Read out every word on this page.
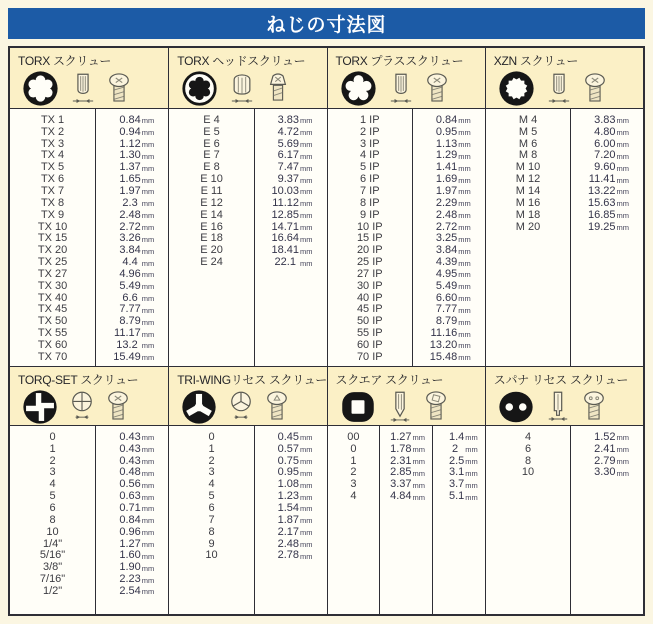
ねじの寸法図
TORX スクリュー
TX 1
TX 2
TX 3
TX 4
TX 5
TX 6
TX 7
TX 8
TX 9
TX 10
TX 15
TX 20
TX 25
TX 27
TX 30
TX 40
TX 45
TX 50
TX 55
TX 60
TX 70
0.84 mm
0.94 mm
1.12 mm
1.30 mm
1.37 mm
1.65 mm
1.97 mm
2.3 mm
2.48 mm
2.72 mm
3.26 mm
3.84 mm
4.4 mm
4.96 mm
5.49 mm
6.6 mm
7.77 mm
8.79 mm
11.17 mm
13.2 mm
15.49 mm
TORX ヘッドスクリュー
E 4
E 5
E 6
E 7
E 8
E 10
E 11
E 12
E 14
E 16
E 18
E 20
E 24
3.83 mm
4.72 mm
5.69 mm
6.17 mm
7.47 mm
9.37 mm
10.03 mm
11.12 mm
12.85 mm
14.71 mm
16.64 mm
18.41 mm
22.1 mm
TORX プラススクリュー
1 IP
2 IP
3 IP
4 IP
5 IP
6 IP
7 IP
8 IP
9 IP
10 IP
15 IP
20 IP
25 IP
27 IP
30 IP
40 IP
45 IP
50 IP
55 IP
60 IP
70 IP
0.84 mm
0.95 mm
1.13 mm
1.29 mm
1.41 mm
1.69 mm
1.97 mm
2.29 mm
2.48 mm
2.72 mm
3.25 mm
3.84 mm
4.39 mm
4.95 mm
5.49 mm
6.60 mm
7.77 mm
8.79 mm
11.16 mm
13.20 mm
15.48 mm
XZN スクリュー
M 4
M 5
M 6
M 8
M 10
M 12
M 14
M 16
M 18
M 20
3.83 mm
4.80 mm
6.00 mm
7.20 mm
9.60 mm
11.41 mm
13.22 mm
15.63 mm
16.85 mm
19.25 mm
TORQ-SET スクリュー
0
1
2
3
4
5
6
8
10
1/4"
5/16"
3/8"
7/16"
1/2"
0.43 mm
0.43 mm
0.43 mm
0.48 mm
0.56 mm
0.63 mm
0.71 mm
0.84 mm
0.96 mm
1.27 mm
1.60 mm
1.90 mm
2.23 mm
2.54 mm
TRI-WINGリセス スクリュー
0
1
2
3
4
5
6
7
8
9
10
0.45 mm
0.57 mm
0.75 mm
0.95 mm
1.08 mm
1.23 mm
1.54 mm
1.87 mm
2.17 mm
2.48 mm
2.78 mm
スクエア スクリュー
00
0
1
2
3
4
1.27 mm
1.78 mm
2.31 mm
2.85 mm
3.37 mm
4.84 mm
1.4 mm
2 mm
2.5 mm
3.1 mm
3.7 mm
5.1 mm
スパナ リセス スクリュー
4
6
8
10
1.52 mm
2.41 mm
2.79 mm
3.30 mm
